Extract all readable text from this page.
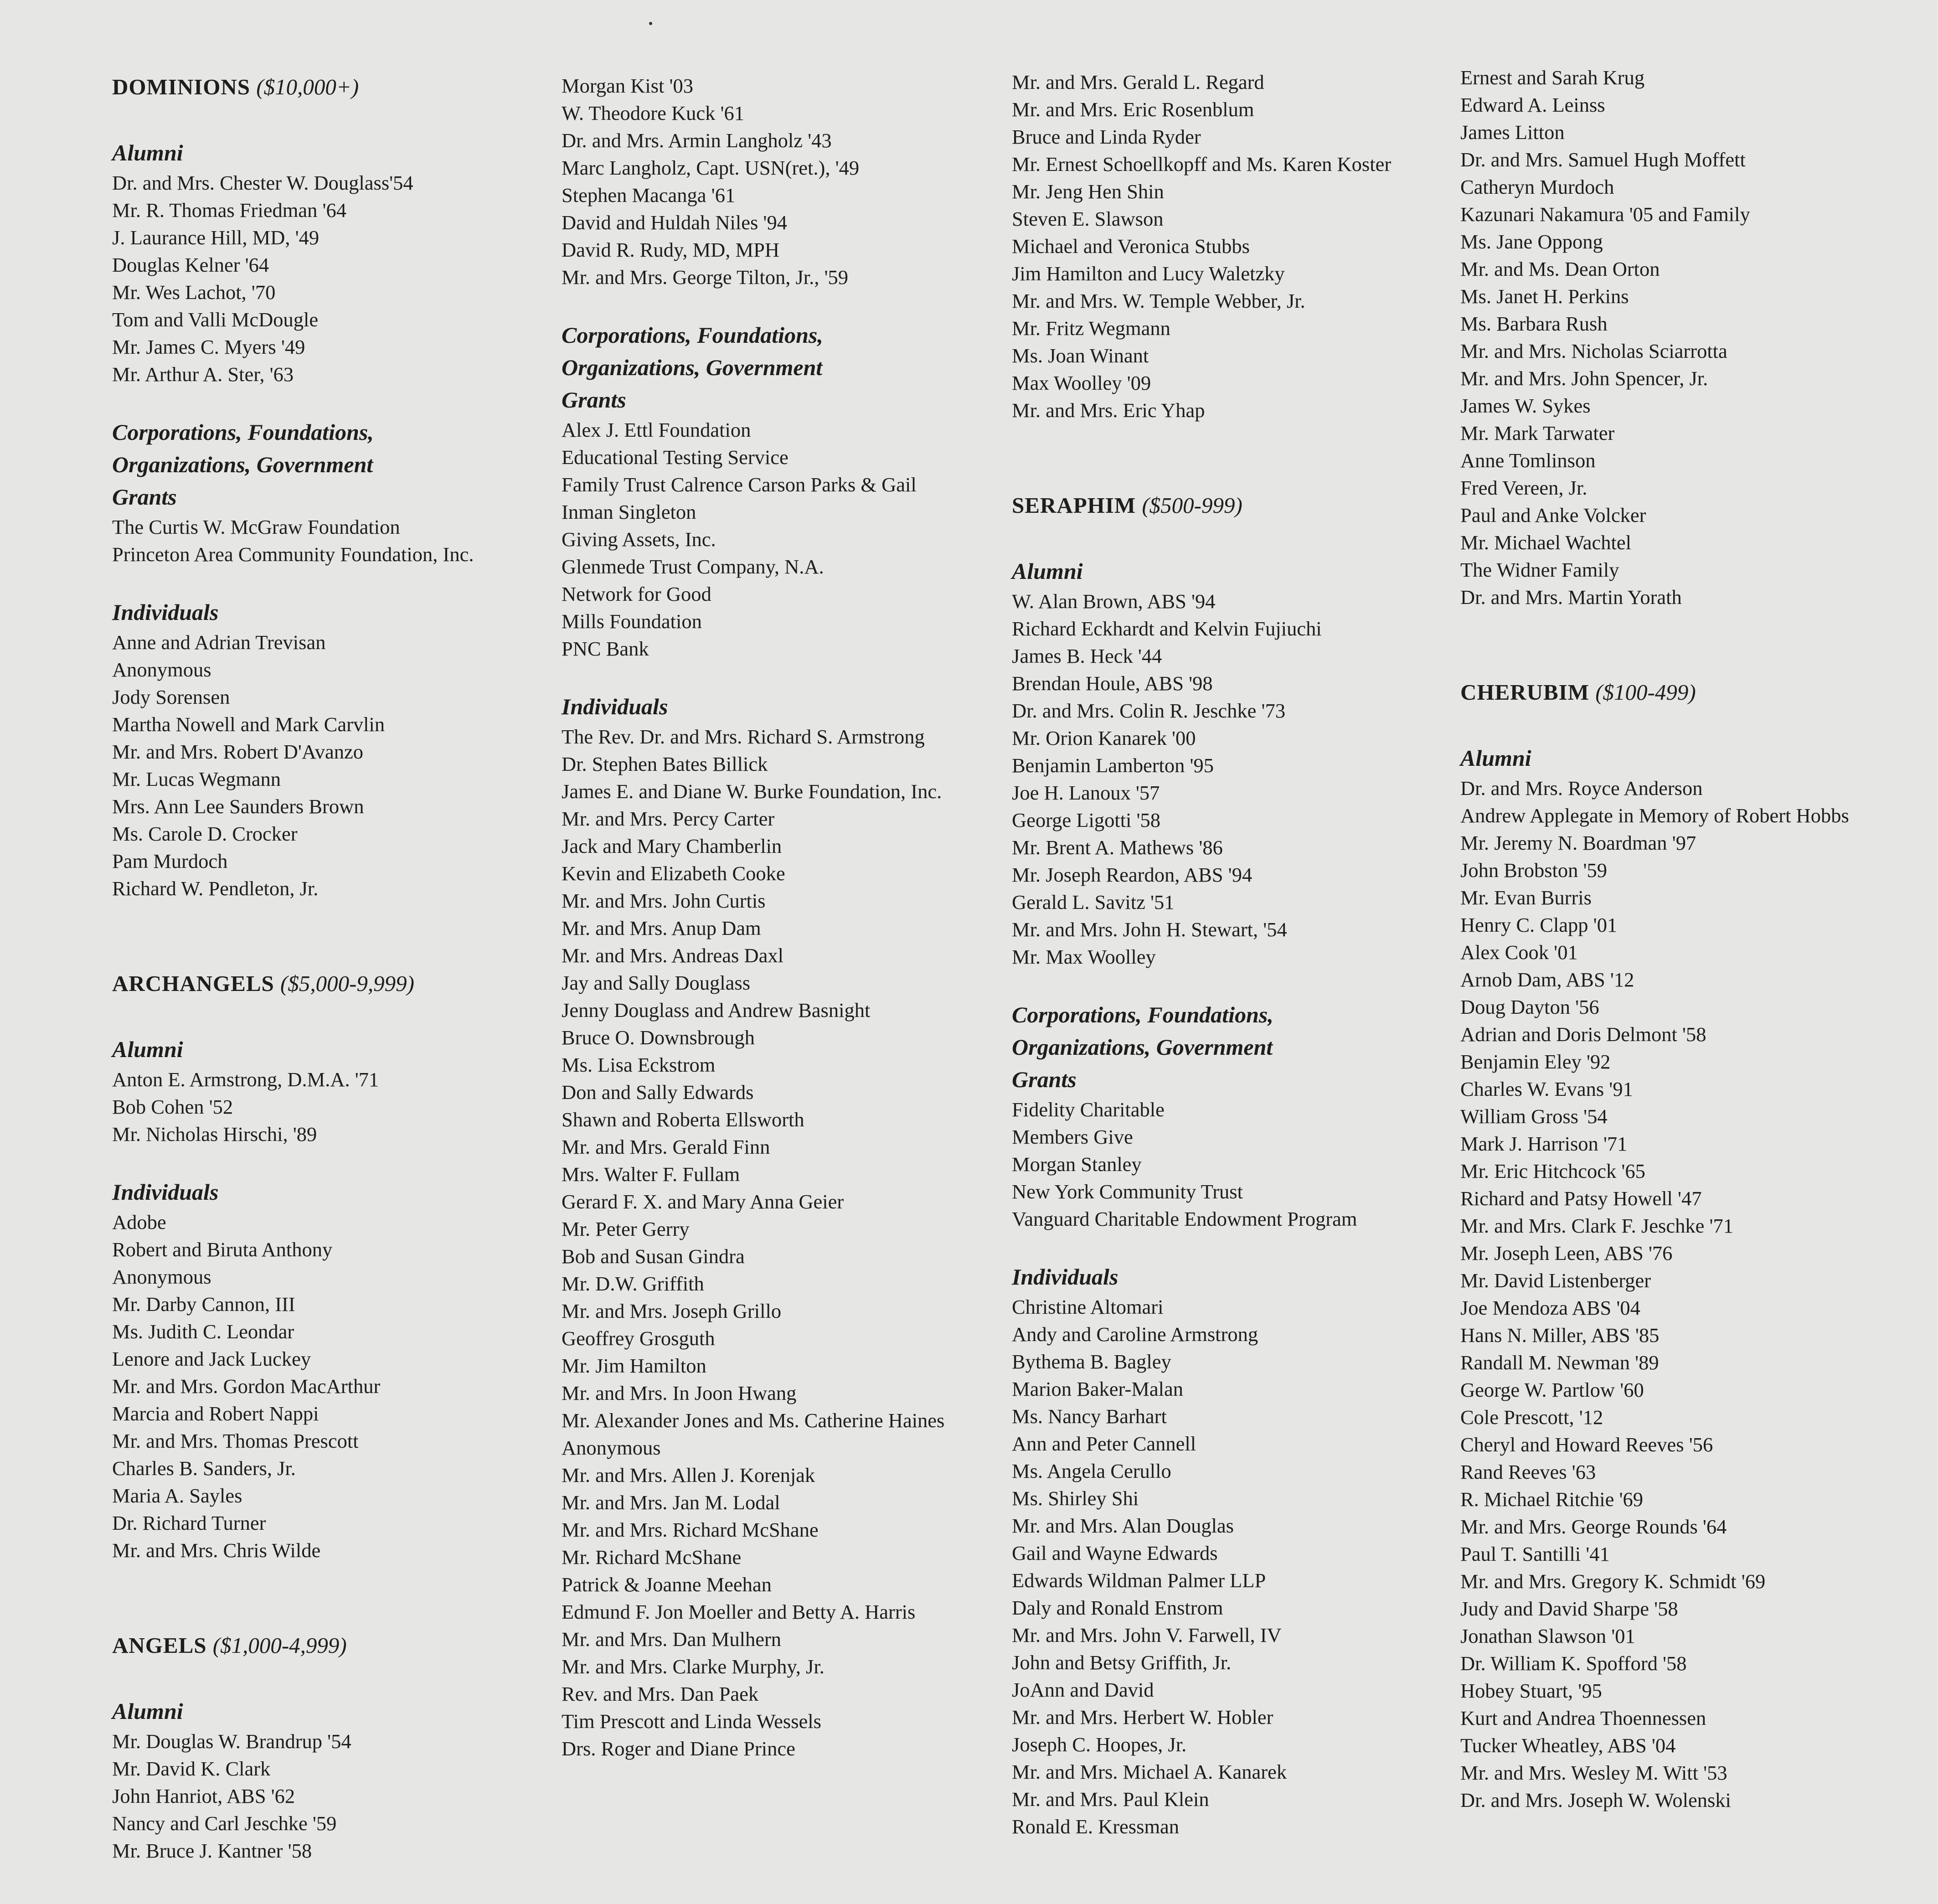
DOMINIONS ($10,000+)
Alumni
Dr. and Mrs. Chester W. Douglass'54
Mr. R. Thomas Friedman '64
J. Laurance Hill, MD, '49
Douglas Kelner '64
Mr. Wes Lachot, '70
Tom and Valli McDougle
Mr. James C. Myers '49
Mr. Arthur A. Ster, '63
Corporations, Foundations, Organizations, Government Grants
The Curtis W. McGraw Foundation
Princeton Area Community Foundation, Inc.
Individuals
Anne and Adrian Trevisan
Anonymous
Jody Sorensen
Martha Nowell and Mark Carvlin
Mr. and Mrs. Robert D'Avanzo
Mr. Lucas Wegmann
Mrs. Ann Lee Saunders Brown
Ms. Carole D. Crocker
Pam Murdoch
Richard W. Pendleton, Jr.
ARCHANGELS ($5,000-9,999)
Alumni
Anton E. Armstrong, D.M.A. '71
Bob Cohen '52
Mr. Nicholas Hirschi, '89
Individuals
Adobe
Robert and Biruta Anthony
Anonymous
Mr. Darby Cannon, III
Ms. Judith C. Leondar
Lenore and Jack Luckey
Mr. and Mrs. Gordon MacArthur
Marcia and Robert Nappi
Mr. and Mrs. Thomas Prescott
Charles B. Sanders, Jr.
Maria A. Sayles
Dr. Richard Turner
Mr. and Mrs. Chris Wilde
ANGELS ($1,000-4,999)
Alumni
Mr. Douglas W. Brandrup '54
Mr. David K. Clark
John Hanriot, ABS '62
Nancy and Carl Jeschke '59
Mr. Bruce J. Kantner '58
Morgan Kist '03
W. Theodore Kuck '61
Dr. and Mrs. Armin Langholz '43
Marc Langholz, Capt. USN(ret.), '49
Stephen Macanga '61
David and Huldah Niles '94
David R. Rudy, MD, MPH
Mr. and Mrs. George Tilton, Jr., '59
Corporations, Foundations, Organizations, Government Grants
Alex J. Ettl Foundation
Educational Testing Service
Family Trust Calrence Carson Parks & Gail
Inman Singleton
Giving Assets, Inc.
Glenmede Trust Company, N.A.
Network for Good
Mills Foundation
PNC Bank
Individuals
The Rev. Dr. and Mrs. Richard S. Armstrong
Dr. Stephen Bates Billick
James E. and Diane W. Burke Foundation, Inc.
Mr. and Mrs. Percy Carter
Jack and Mary Chamberlin
Kevin and Elizabeth Cooke
Mr. and Mrs. John Curtis
Mr. and Mrs. Anup Dam
Mr. and Mrs. Andreas Daxl
Jay and Sally Douglass
Jenny Douglass and Andrew Basnight
Bruce O. Downsbrough
Ms. Lisa Eckstrom
Don and Sally Edwards
Shawn and Roberta Ellsworth
Mr. and Mrs. Gerald Finn
Mrs. Walter F. Fullam
Gerard F. X. and Mary Anna Geier
Mr. Peter Gerry
Bob and Susan Gindra
Mr. D.W. Griffith
Mr. and Mrs. Joseph Grillo
Geoffrey Grosguth
Mr. Jim Hamilton
Mr. and Mrs. In Joon Hwang
Mr. Alexander Jones and Ms. Catherine Haines
Anonymous
Mr. and Mrs. Allen J. Korenjak
Mr. and Mrs. Jan M. Lodal
Mr. and Mrs. Richard McShane
Mr. Richard McShane
Patrick & Joanne Meehan
Edmund F. Jon Moeller and Betty A. Harris
Mr. and Mrs. Dan Mulhern
Mr. and Mrs. Clarke Murphy, Jr.
Rev. and Mrs. Dan Paek
Tim Prescott and Linda Wessels
Drs. Roger and Diane Prince
Mr. and Mrs. Gerald L. Regard
Mr. and Mrs. Eric Rosenblum
Bruce and Linda Ryder
Mr. Ernest Schoellkopff and Ms. Karen Koster
Mr. Jeng Hen Shin
Steven E. Slawson
Michael and Veronica Stubbs
Jim Hamilton and Lucy Waletzky
Mr. and Mrs. W. Temple Webber, Jr.
Mr. Fritz Wegmann
Ms. Joan Winant
Max Woolley '09
Mr. and Mrs. Eric Yhap
SERAPHIM ($500-999)
Alumni
W. Alan Brown, ABS '94
Richard Eckhardt and Kelvin Fujiuchi
James B. Heck '44
Brendan Houle, ABS '98
Dr. and Mrs. Colin R. Jeschke '73
Mr. Orion Kanarek '00
Benjamin Lamberton '95
Joe H. Lanoux '57
George Ligotti '58
Mr. Brent A. Mathews '86
Mr. Joseph Reardon, ABS '94
Gerald L. Savitz '51
Mr. and Mrs. John H. Stewart, '54
Mr. Max Woolley
Corporations, Foundations, Organizations, Government Grants
Fidelity Charitable
Members Give
Morgan Stanley
New York Community Trust
Vanguard Charitable Endowment Program
Individuals
Christine Altomari
Andy and Caroline Armstrong
Bythema B. Bagley
Marion Baker-Malan
Ms. Nancy Barhart
Ann and Peter Cannell
Ms. Angela Cerullo
Ms. Shirley Shi
Mr. and Mrs. Alan Douglas
Gail and Wayne Edwards
Edwards Wildman Palmer LLP
Daly and Ronald Enstrom
Mr. and Mrs. John V. Farwell, IV
John and Betsy Griffith, Jr.
JoAnn and David
Mr. and Mrs. Herbert W. Hobler
Joseph C. Hoopes, Jr.
Mr. and Mrs. Michael A. Kanarek
Mr. and Mrs. Paul Klein
Ronald E. Kressman
Ernest and Sarah Krug
Edward A. Leinss
James Litton
Dr. and Mrs. Samuel Hugh Moffett
Catheryn Murdoch
Kazunari Nakamura '05 and Family
Ms. Jane Oppong
Mr. and Ms. Dean Orton
Ms. Janet H. Perkins
Ms. Barbara Rush
Mr. and Mrs. Nicholas Sciarrotta
Mr. and Mrs. John Spencer, Jr.
James W. Sykes
Mr. Mark Tarwater
Anne Tomlinson
Fred Vereen, Jr.
Paul and Anke Volcker
Mr. Michael Wachtel
The Widner Family
Dr. and Mrs. Martin Yorath
CHERUBIM ($100-499)
Alumni
Dr. and Mrs. Royce Anderson
Andrew Applegate in Memory of Robert Hobbs
Mr. Jeremy N. Boardman '97
John Brobston '59
Mr. Evan Burris
Henry C. Clapp '01
Alex Cook '01
Arnob Dam, ABS '12
Doug Dayton '56
Adrian and Doris Delmont '58
Benjamin Eley '92
Charles W. Evans '91
William Gross '54
Mark J. Harrison '71
Mr. Eric Hitchcock '65
Richard and Patsy Howell '47
Mr. and Mrs. Clark F. Jeschke '71
Mr. Joseph Leen, ABS '76
Mr. David Listenberger
Joe Mendoza ABS '04
Hans N. Miller, ABS '85
Randall M. Newman '89
George W. Partlow '60
Cole Prescott, '12
Cheryl and Howard Reeves '56
Rand Reeves '63
R. Michael Ritchie '69
Mr. and Mrs. George Rounds '64
Paul T. Santilli '41
Mr. and Mrs. Gregory K. Schmidt '69
Judy and David Sharpe '58
Jonathan Slawson '01
Dr. William K. Spofford '58
Hobey Stuart, '95
Kurt and Andrea Thoennessen
Tucker Wheatley, ABS '04
Mr. and Mrs. Wesley M. Witt '53
Dr. and Mrs. Joseph W. Wolenski
